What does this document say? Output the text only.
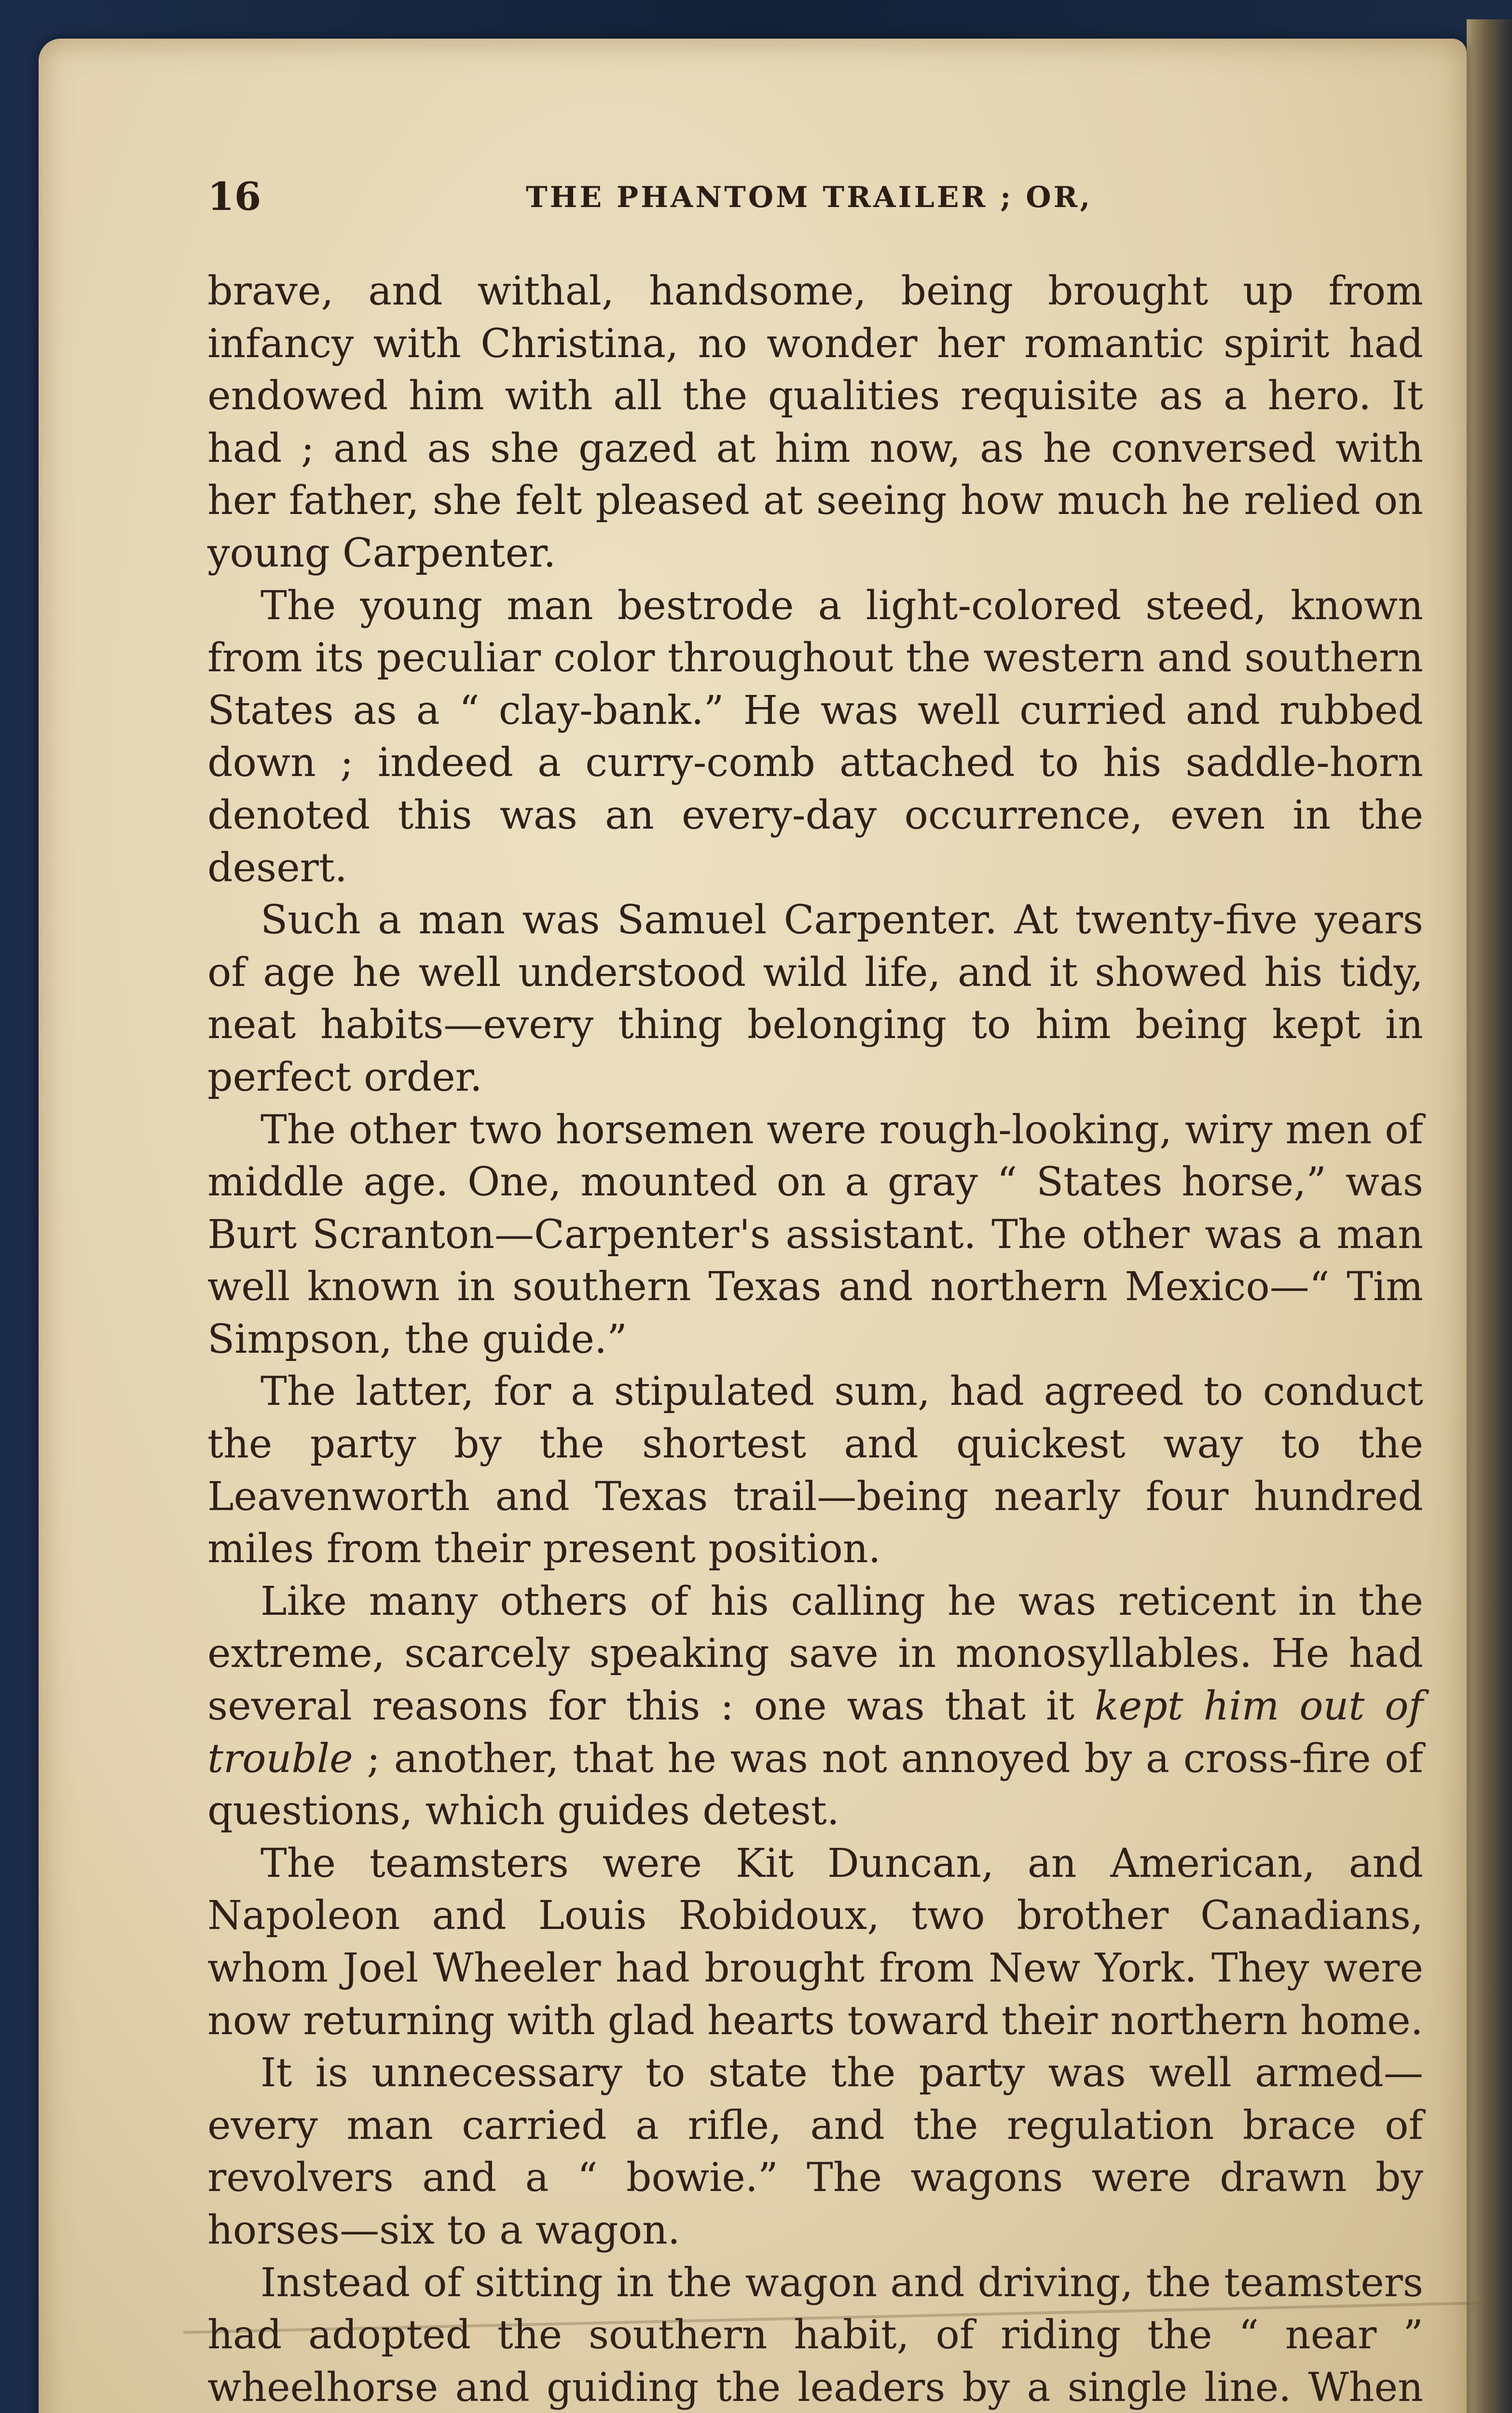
16	THE PHANTOM TRAILER ; OR,

brave, and withal, handsome, being brought up from infancy with Christina, no wonder her romantic spirit had endowed him with all the qualities requisite as a hero. It had ; and as she gazed at him now, as he conversed with her father, she felt pleased at seeing how much he relied on young Carpenter.

The young man bestrode a light-colored steed, known from its peculiar color throughout the western and southern States as a “ clay-bank.” He was well curried and rubbed down ; indeed a curry-comb attached to his saddle-horn denoted this was an every-day occurrence, even in the desert.

Such a man was Samuel Carpenter. At twenty-five years of age he well understood wild life, and it showed his tidy, neat habits—every thing belonging to him being kept in perfect order.

The other two horsemen were rough-looking, wiry men of middle age. One, mounted on a gray “ States horse,” was Burt Scranton—Carpenter's assistant. The other was a man well known in southern Texas and northern Mexico—“ Tim Simpson, the guide.”

The latter, for a stipulated sum, had agreed to conduct the party by the shortest and quickest way to the Leavenworth and Texas trail—being nearly four hundred miles from their present position.

Like many others of his calling he was reticent in the extreme, scarcely speaking save in monosyllables. He had several reasons for this : one was that it kept him out of trouble ; another, that he was not annoyed by a cross-fire of questions, which guides detest.

The teamsters were Kit Duncan, an American, and Napoleon and Louis Robidoux, two brother Canadians, whom Joel Wheeler had brought from New York. They were now returning with glad hearts toward their northern home.

It is unnecessary to state the party was well armed—every man carried a rifle, and the regulation brace of revolvers and a “ bowie.” The wagons were drawn by horses—six to a wagon.

Instead of sitting in the wagon and driving, the teamsters had adopted the southern habit, of riding the “ near ” wheelhorse and guiding the leaders by a single line. When
